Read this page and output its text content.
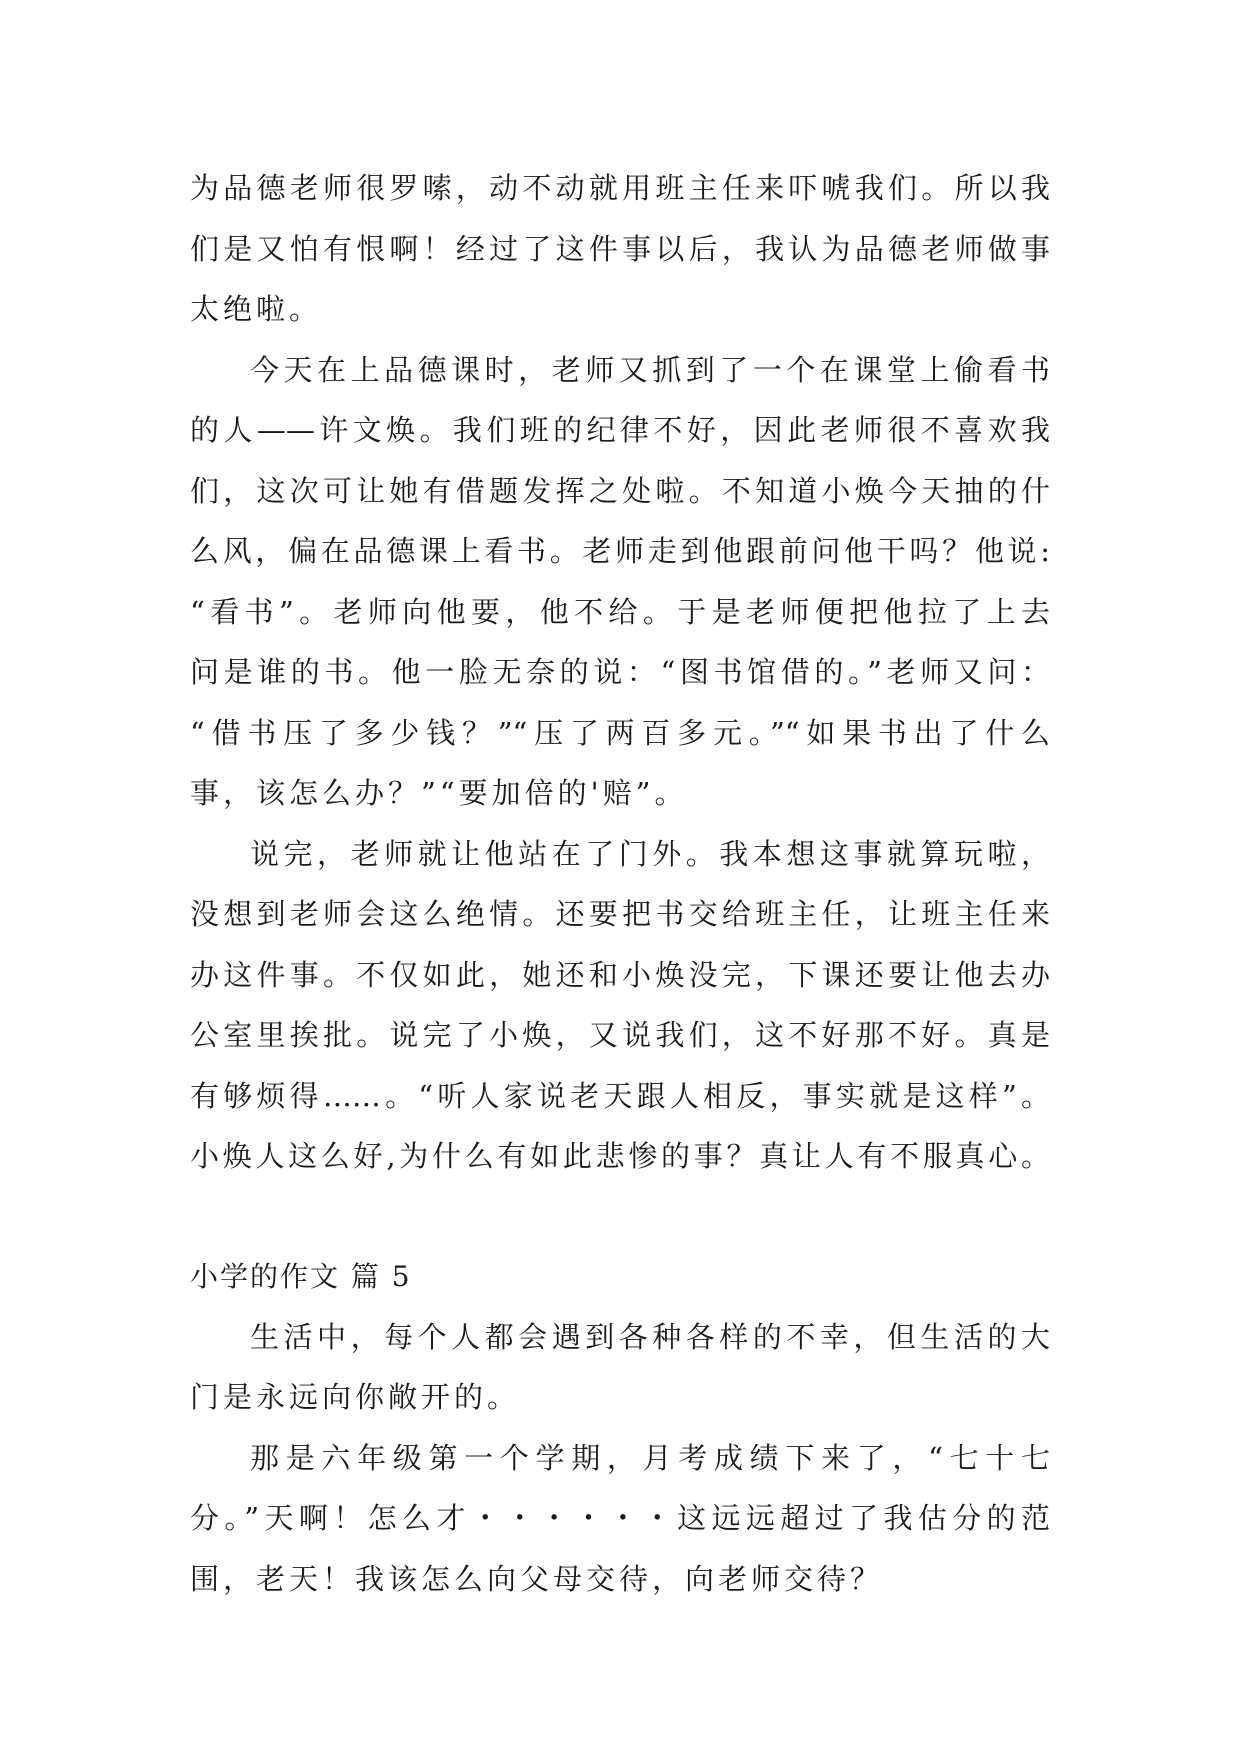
为品德老师很罗嗦，动不动就用班主任来吓唬我们。所以我
们是又怕有恨啊！经过了这件事以后，我认为品德老师做事
太绝啦。
今天在上品德课时，老师又抓到了一个在课堂上偷看书
的人——许文焕。我们班的纪律不好，因此老师很不喜欢我
们，这次可让她有借题发挥之处啦。不知道小焕今天抽的什
么风，偏在品德课上看书。老师走到他跟前问他干吗？他说:
“看书”。老师向他要，他不给。于是老师便把他拉了上去
问是谁的书。他一脸无奈的说：“图书馆借的。”老师又问：
“借书压了多少钱？”“压了两百多元。”“如果书出了什么
事，该怎么办？”“要加倍的'赔”。
说完，老师就让他站在了门外。我本想这事就算玩啦，
没想到老师会这么绝情。还要把书交给班主任，让班主任来
办这件事。不仅如此，她还和小焕没完，下课还要让他去办
公室里挨批。说完了小焕，又说我们，这不好那不好。真是
有够烦得……。“听人家说老天跟人相反，事实就是这样”。
小焕人这么好,为什么有如此悲惨的事？真让人有不服真心。
小学的作文 篇 5
生活中，每个人都会遇到各种各样的不幸，但生活的大
门是永远向你敞开的。
那是六年级第一个学期，月考成绩下来了，“七十七
分。”天啊！怎么才・・・・・・这远远超过了我估分的范
围，老天！我该怎么向父母交待，向老师交待？
